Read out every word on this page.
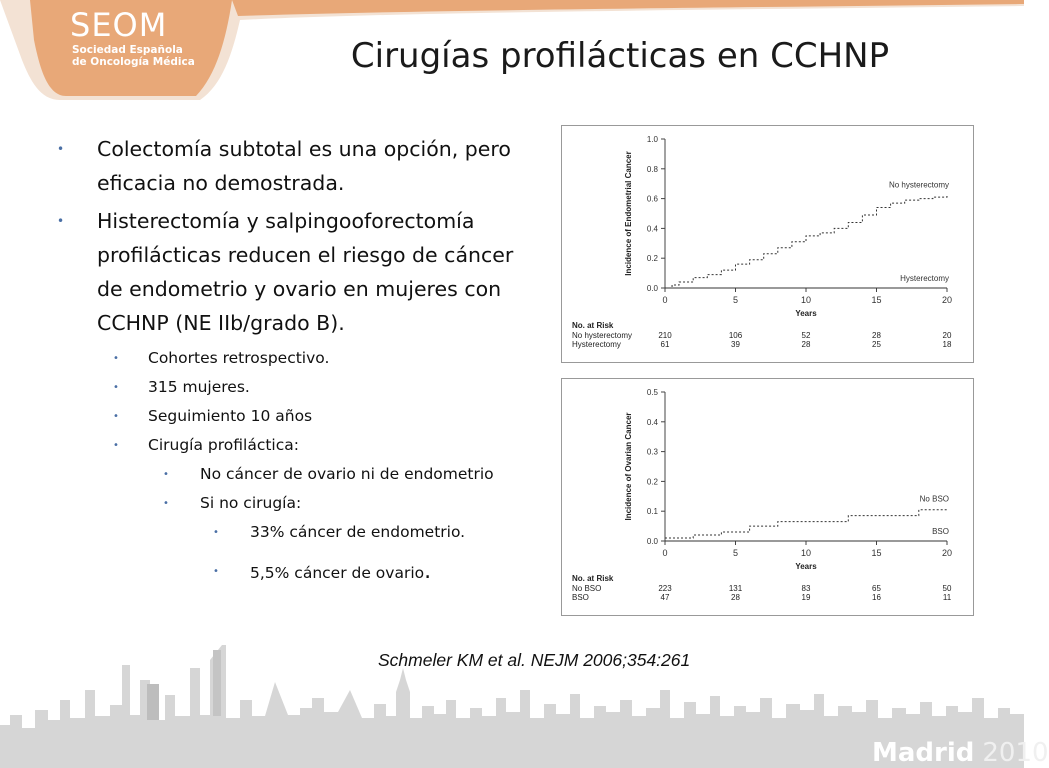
SEOM
Sociedad Española
de Oncología Médica	Cirugías profilácticas en CCHNP
• Colectomía subtotal es una opción, pero eficacia no demostrada.
• Histerectomía y salpingooforectomía profilácticas reducen el riesgo de cáncer de endometrio y ovario en mujeres con CCHNP (NE IIb/grado B).
• Cohortes retrospectivo.
• 315 mujeres.
• Seguimiento 10 años
• Cirugía profiláctica:
• No cáncer de ovario ni de endometrio
• Si no cirugía:
• 33% cáncer de endometrio.
• 5,5% cáncer de ovario.
0.0
0.2
0.4
0.6
0.8
1.0
0	5	10	15	20
Years
Incidence of Endometrial Cancer	No hysterectomy
Hysterectomy
No. at Risk
No hysterectomy	210	106	52	28	20
Hysterectomy	61	39	28	25	18
0.0
0.1
0.2
0.3
0.4
0.5
0	5	10	15	20
Years
Incidence of Ovarian Cancer	No BSO
BSO
No. at Risk
No BSO	223	131	83	65	50
BSO	47	28	19	16	11
Schmeler KM et al. NEJM 2006;354:261
Madrid 2010
